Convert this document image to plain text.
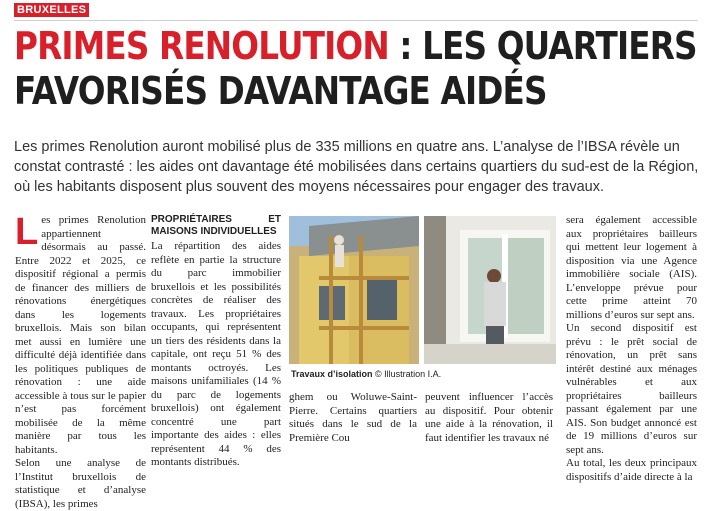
BRUXELLES
PRIMES RENOLUTION : LES QUARTIERS
FAVORISÉS DAVANTAGE AIDÉS

Les primes Renolution auront mobilisé plus de 335 millions en quatre ans. L’analyse de l’IBSA révèle un constat contrasté : les aides ont davantage été mobilisées dans certains quartiers du sud-est de la Région, où les habitants disposent plus souvent des moyens nécessaires pour engager des travaux.

L es primes Renolution appartiennent désormais au passé. Entre 2022 et 2025, ce dispositif régional a permis de financer des milliers de rénovations énergétiques dans les logements bruxellois. Mais son bilan met aussi en lumière une difficulté déjà identifiée dans les politiques publiques de rénovation : une aide accessible à tous sur le papier n’est pas forcément mobilisée de la même manière par tous les habitants.
Selon une analyse de l’Institut bruxellois de statistique et d’analyse (IBSA), les primes
PROPRIÉTAIRES ET MAISONS INDIVIDUELLES

La répartition des aides reflète en partie la structure du parc immobilier bruxellois et les possibilités concrètes de réaliser des travaux. Les propriétaires occupants, qui représentent un tiers des résidents dans la capitale, ont reçu 51 % des montants octroyés. Les maisons unifamiliales (14 % du parc de logements bruxellois) ont également concentré une part importante des aides : elles représentent 44 % des montants distribués.

Travaux d’isolation © Illustration I.A.
ghem ou Woluwe-Saint-Pierre. Certains quartiers situés dans le sud de la Première Cou
peuvent influencer l’accès au dispositif. Pour obtenir une aide à la rénovation, il faut identifier les travaux né

sera également accessible aux propriétaires bailleurs qui mettent leur logement à disposition via une Agence immobilière sociale (AIS). L’enveloppe prévue pour cette prime atteint 70 millions d’euros sur sept ans.

Un second dispositif est prévu : le prêt social de rénovation, un prêt sans intérêt destiné aux ménages vulnérables et aux propriétaires bailleurs passant également par une AIS. Son budget annoncé est de 19 millions d’euros sur sept ans.

Au total, les deux principaux dispositifs d’aide directe à la
